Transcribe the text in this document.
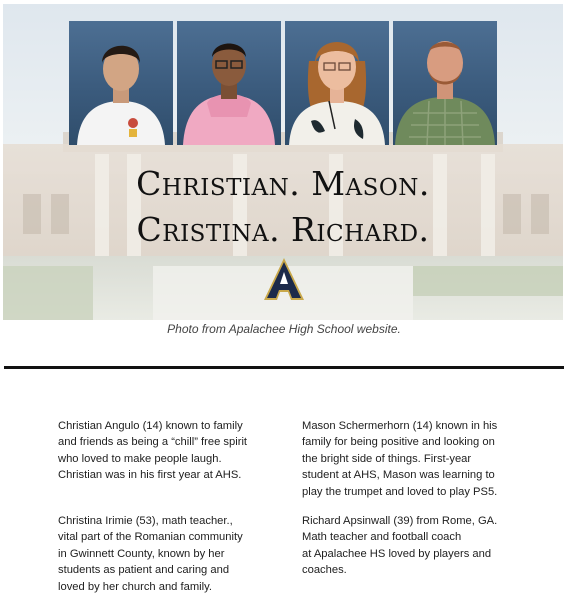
Christian. Mason.
Cristina. Richard.
Photo from Apalachee High School website.
Christian Angulo (14) known to family
and friends as being a “chill” free spirit
who loved to make people laugh.
Christian was in his first year at AHS.
Mason Schermerhorn (14) known in his
family for being positive and looking on
the bright side of things. First-year
student at AHS, Mason was learning to
play the trumpet and loved to play PS5.
Christina Irimie (53), math teacher.,
vital part of the Romanian community
in Gwinnett County, known by her
students as patient and caring and
loved by her church and family.
Richard Apsinwall (39) from Rome, GA.
Math teacher and football coach
at Apalachee HS loved by players and
coaches.
